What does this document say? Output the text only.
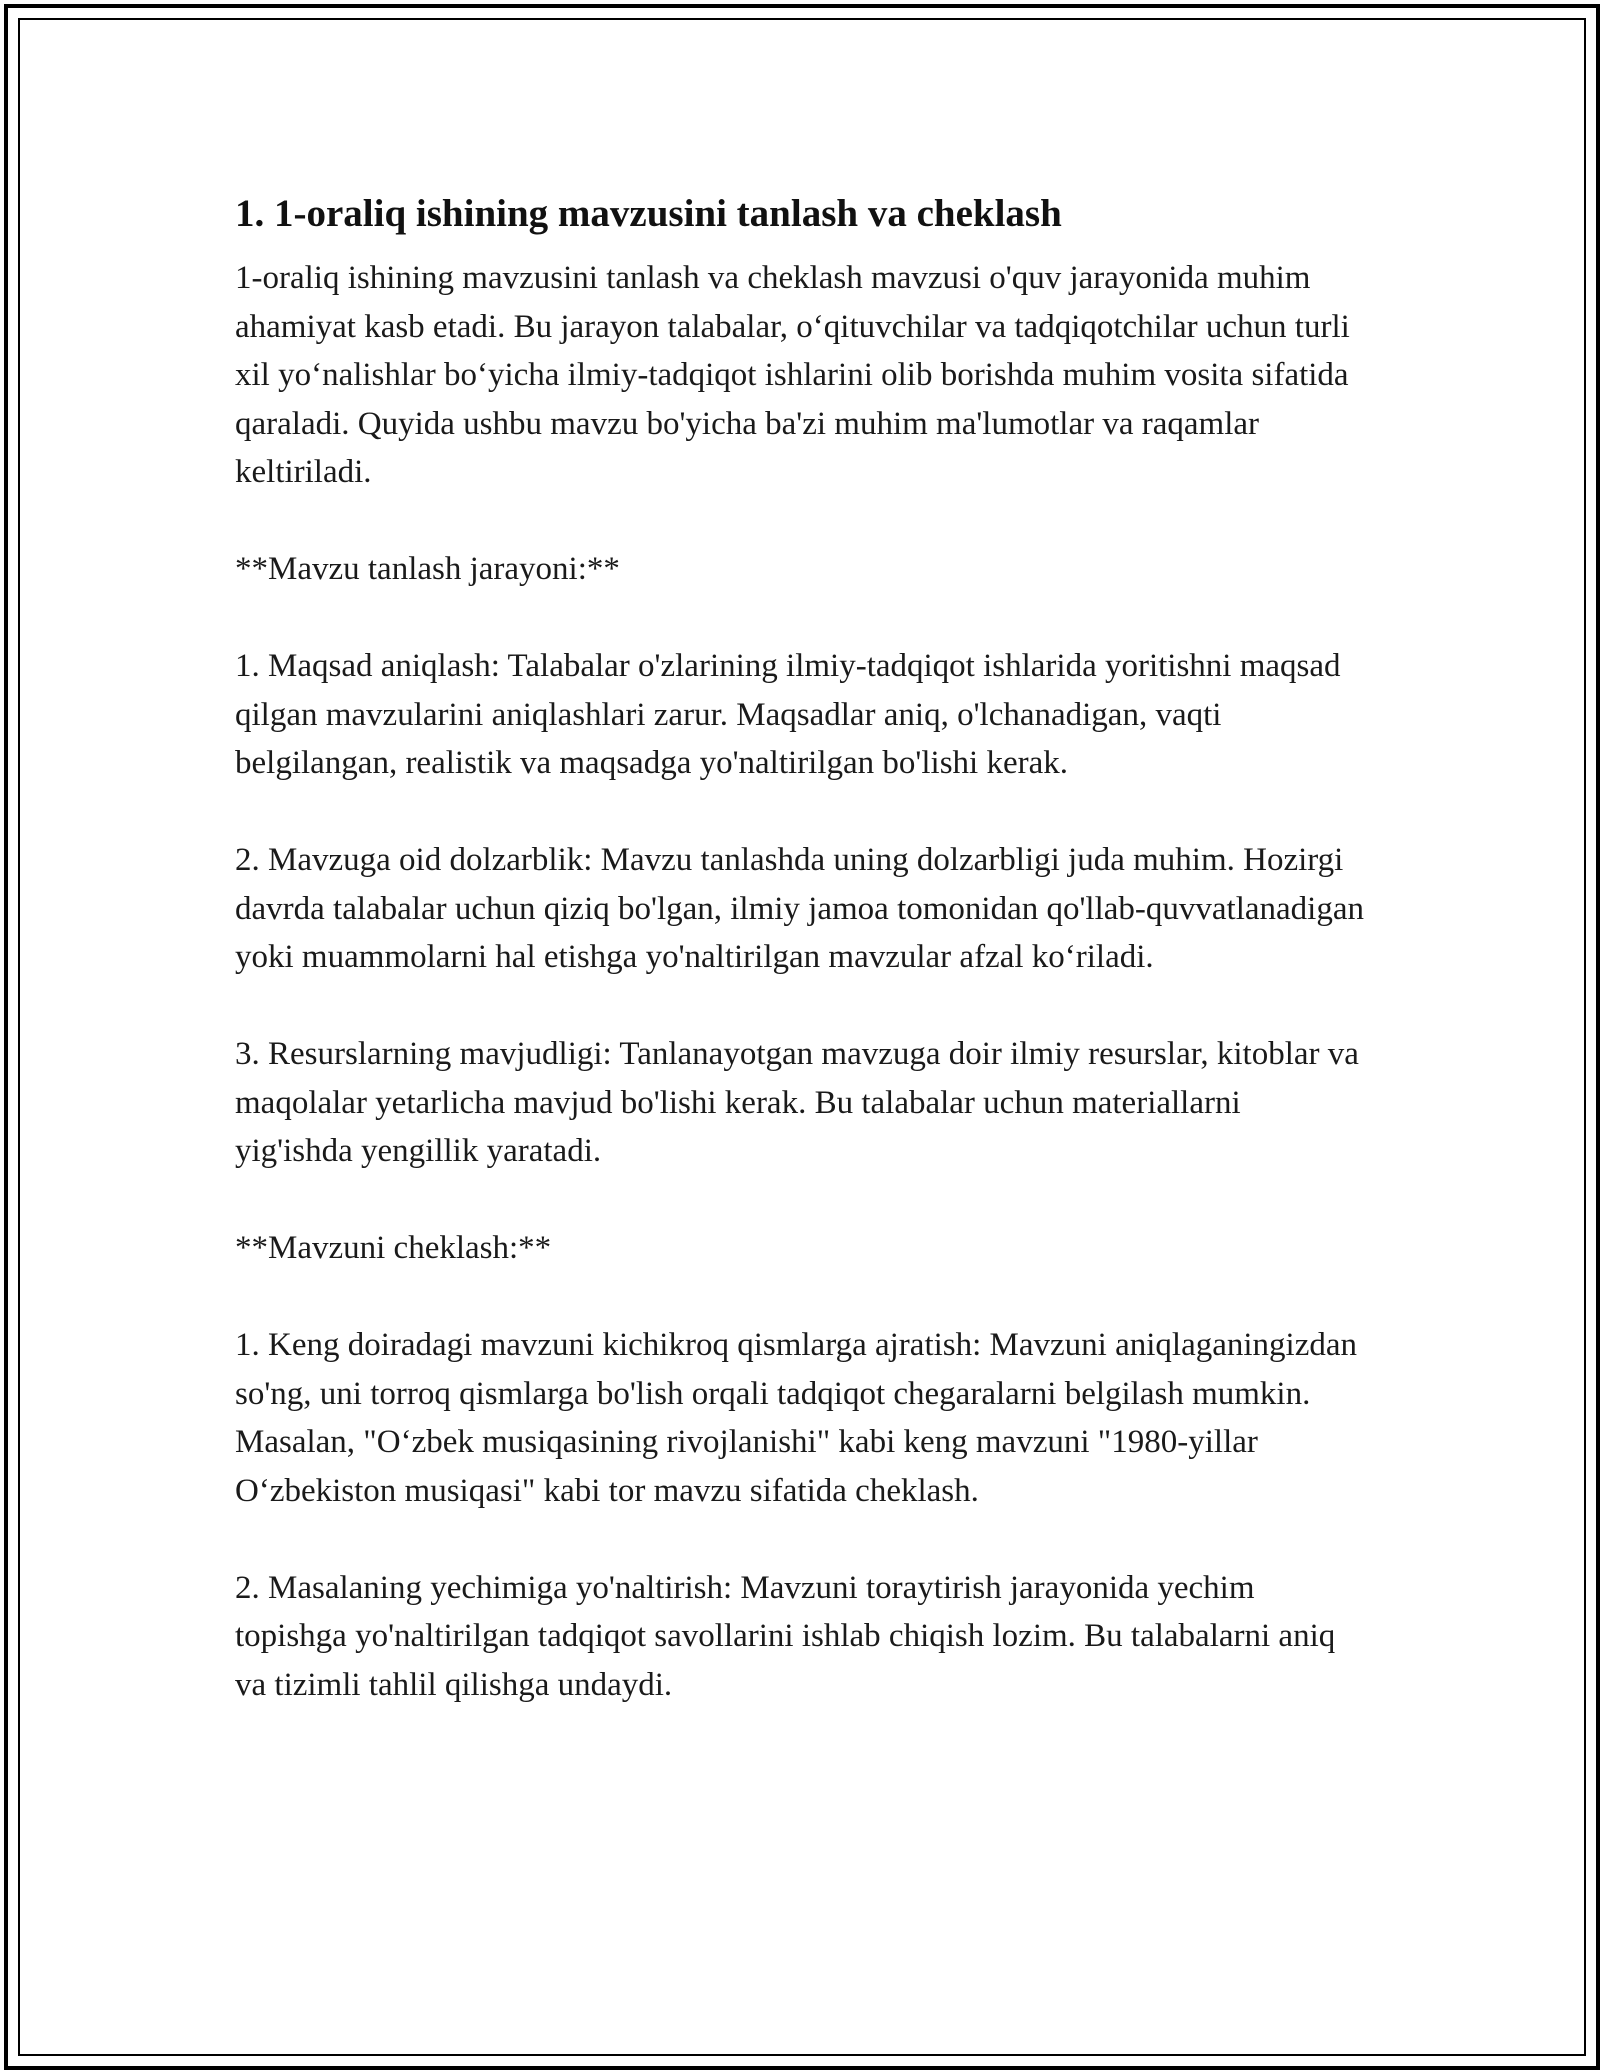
1. 1-oraliq ishining mavzusini tanlash va cheklash

1-oraliq ishining mavzusini tanlash va cheklash mavzusi o'quv jarayonida muhim ahamiyat kasb etadi. Bu jarayon talabalar, o‘qituvchilar va tadqiqotchilar uchun turli xil yo‘nalishlar bo‘yicha ilmiy-tadqiqot ishlarini olib borishda muhim vosita sifatida qaraladi. Quyida ushbu mavzu bo'yicha ba'zi muhim ma'lumotlar va raqamlar keltiriladi.

**Mavzu tanlash jarayoni:**

1. Maqsad aniqlash: Talabalar o'zlarining ilmiy-tadqiqot ishlarida yoritishni maqsad qilgan mavzularini aniqlashlari zarur. Maqsadlar aniq, o'lchanadigan, vaqti belgilangan, realistik va maqsadga yo'naltirilgan bo'lishi kerak.

2. Mavzuga oid dolzarblik: Mavzu tanlashda uning dolzarbligi juda muhim. Hozirgi davrda talabalar uchun qiziq bo'lgan, ilmiy jamoa tomonidan qo'llab-quvvatlanadigan yoki muammolarni hal etishga yo'naltirilgan mavzular afzal ko‘riladi.

3. Resurslarning mavjudligi: Tanlanayotgan mavzuga doir ilmiy resurslar, kitoblar va maqolalar yetarlicha mavjud bo'lishi kerak. Bu talabalar uchun materiallarni yig'ishda yengillik yaratadi.

**Mavzuni cheklash:**

1. Keng doiradagi mavzuni kichikroq qismlarga ajratish: Mavzuni aniqlaganingizdan so'ng, uni torroq qismlarga bo'lish orqali tadqiqot chegaralarni belgilash mumkin. Masalan, "O‘zbek musiqasining rivojlanishi" kabi keng mavzuni "1980-yillar O‘zbekiston musiqasi" kabi tor mavzu sifatida cheklash.

2. Masalaning yechimiga yo'naltirish: Mavzuni toraytirish jarayonida yechim topishga yo'naltirilgan tadqiqot savollarini ishlab chiqish lozim. Bu talabalarni aniq va tizimli tahlil qilishga undaydi.
